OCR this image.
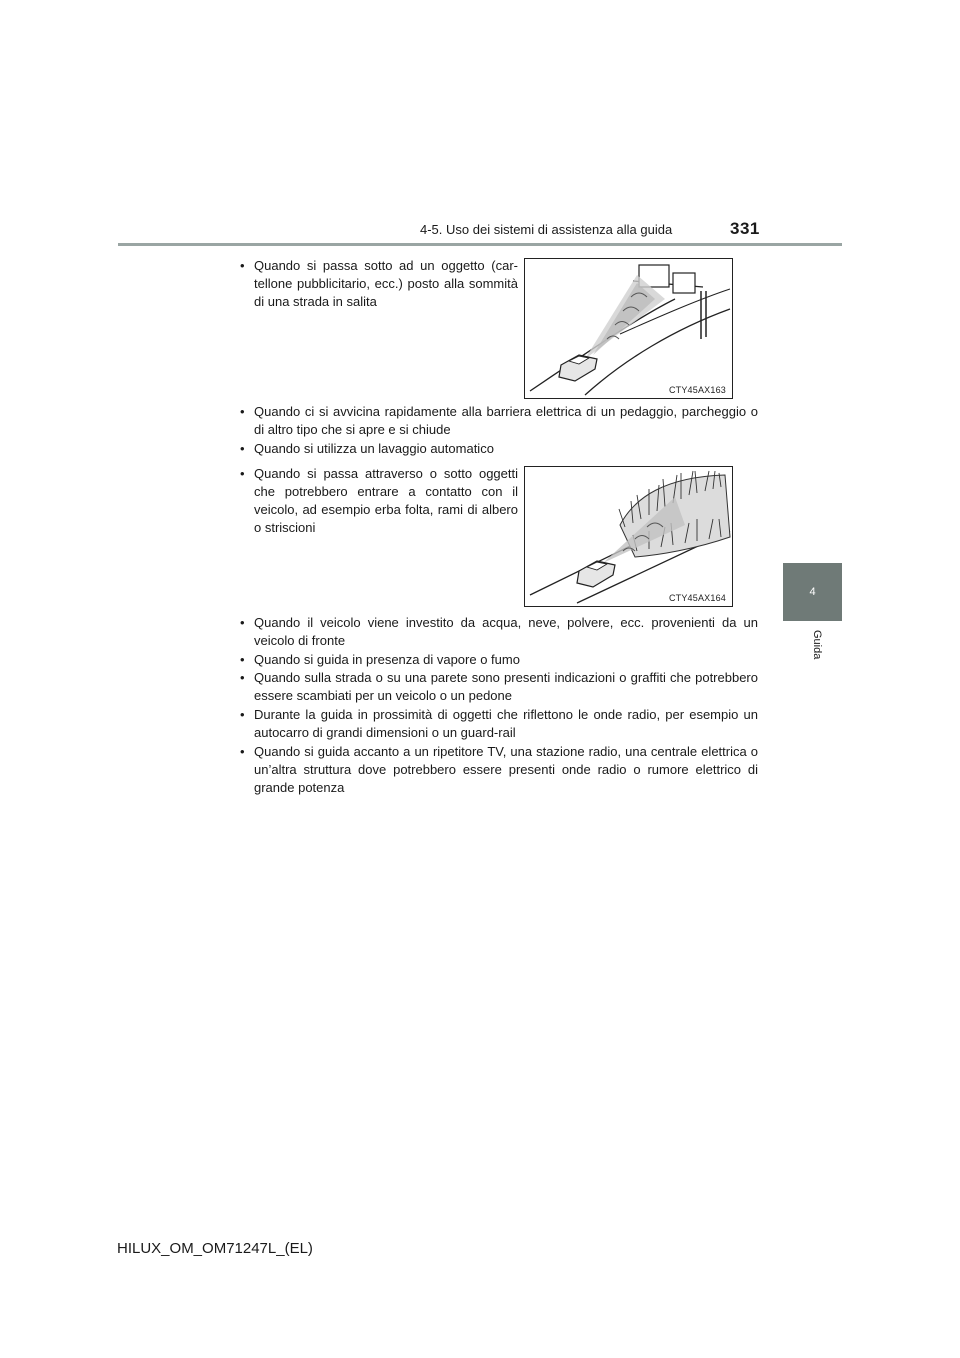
4-5. Uso dei sistemi di assistenza alla guida	331
4
Guida
• Quando si passa sotto ad un oggetto (cartellone pubblicitario, ecc.) posto alla sommità di una strada in salita
CTY45AX163
• Quando ci si avvicina rapidamente alla barriera elettrica di un pedaggio, parcheggio o di altro tipo che si apre e si chiude
• Quando si utilizza un lavaggio automatico
• Quando si passa attraverso o sotto oggetti che potrebbero entrare a contatto con il veicolo, ad esempio erba folta, rami di albero o striscioni
CTY45AX164
• Quando il veicolo viene investito da acqua, neve, polvere, ecc. provenienti da un veicolo di fronte
• Quando si guida in presenza di vapore o fumo
• Quando sulla strada o su una parete sono presenti indicazioni o graffiti che potrebbero essere scambiati per un veicolo o un pedone
• Durante la guida in prossimità di oggetti che riflettono le onde radio, per esempio un autocarro di grandi dimensioni o un guard-rail
• Quando si guida accanto a un ripetitore TV, una stazione radio, una centrale elettrica o un’altra struttura dove potrebbero essere presenti onde radio o rumore elettrico di grande potenza
HILUX_OM_OM71247L_(EL)
